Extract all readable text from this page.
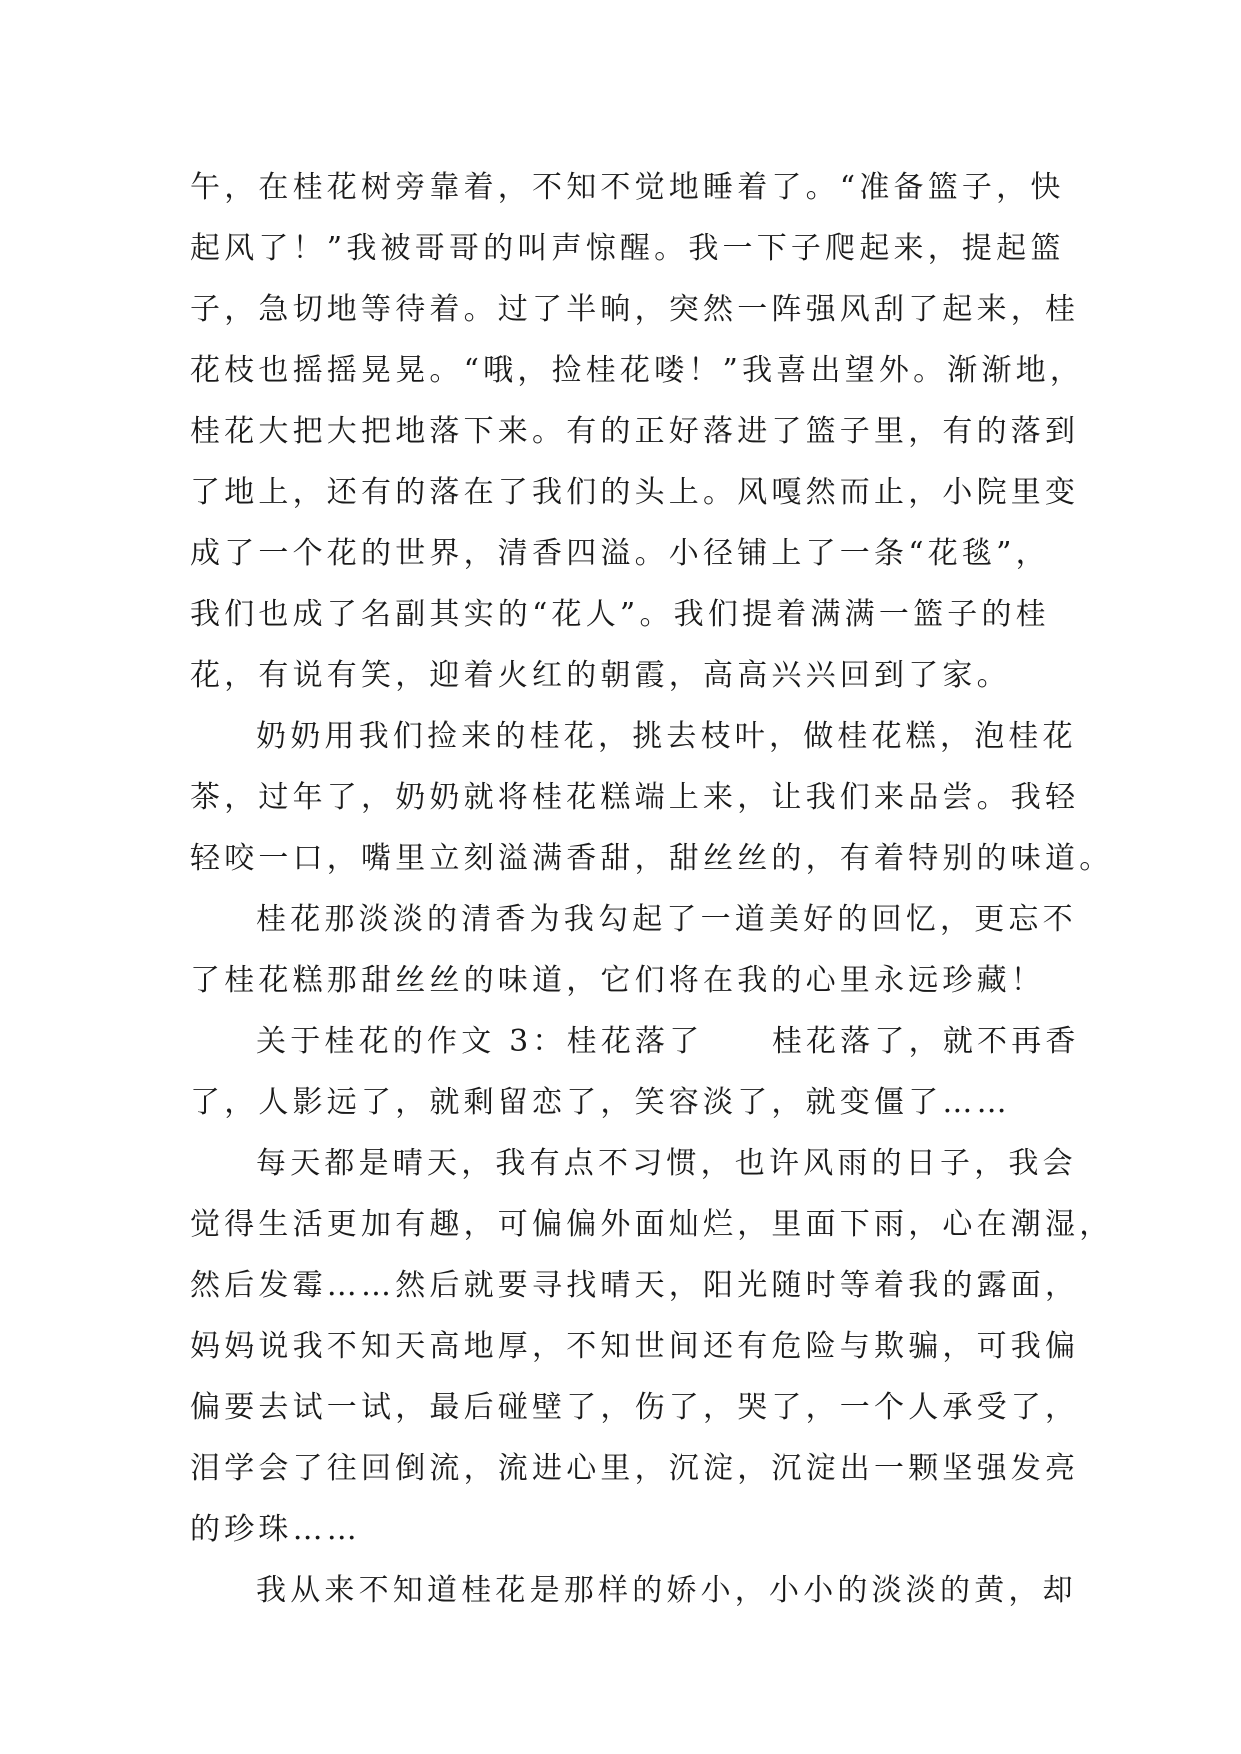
午，在桂花树旁靠着，不知不觉地睡着了。“准备篮子，快
起风了！”我被哥哥的叫声惊醒。我一下子爬起来，提起篮
子，急切地等待着。过了半晌，突然一阵强风刮了起来，桂
花枝也摇摇晃晃。“哦，捡桂花喽！”我喜出望外。渐渐地，
桂花大把大把地落下来。有的正好落进了篮子里，有的落到
了地上，还有的落在了我们的头上。风嘎然而止，小院里变
成了一个花的世界，清香四溢。小径铺上了一条“花毯”，
我们也成了名副其实的“花人”。我们提着满满一篮子的桂
花，有说有笑，迎着火红的朝霞，高高兴兴回到了家。
奶奶用我们捡来的桂花，挑去枝叶，做桂花糕，泡桂花
茶，过年了，奶奶就将桂花糕端上来，让我们来品尝。我轻
轻咬一口，嘴里立刻溢满香甜，甜丝丝的，有着特别的味道。
桂花那淡淡的清香为我勾起了一道美好的回忆，更忘不
了桂花糕那甜丝丝的味道，它们将在我的心里永远珍藏！
关于桂花的作文 3：桂花落了　　桂花落了，就不再香
了，人影远了，就剩留恋了，笑容淡了，就变僵了……
每天都是晴天，我有点不习惯，也许风雨的日子，我会
觉得生活更加有趣，可偏偏外面灿烂，里面下雨，心在潮湿，
然后发霉……然后就要寻找晴天，阳光随时等着我的露面，
妈妈说我不知天高地厚，不知世间还有危险与欺骗，可我偏
偏要去试一试，最后碰壁了，伤了，哭了，一个人承受了，
泪学会了往回倒流，流进心里，沉淀，沉淀出一颗坚强发亮
的珍珠……
我从来不知道桂花是那样的娇小，小小的淡淡的黄，却
